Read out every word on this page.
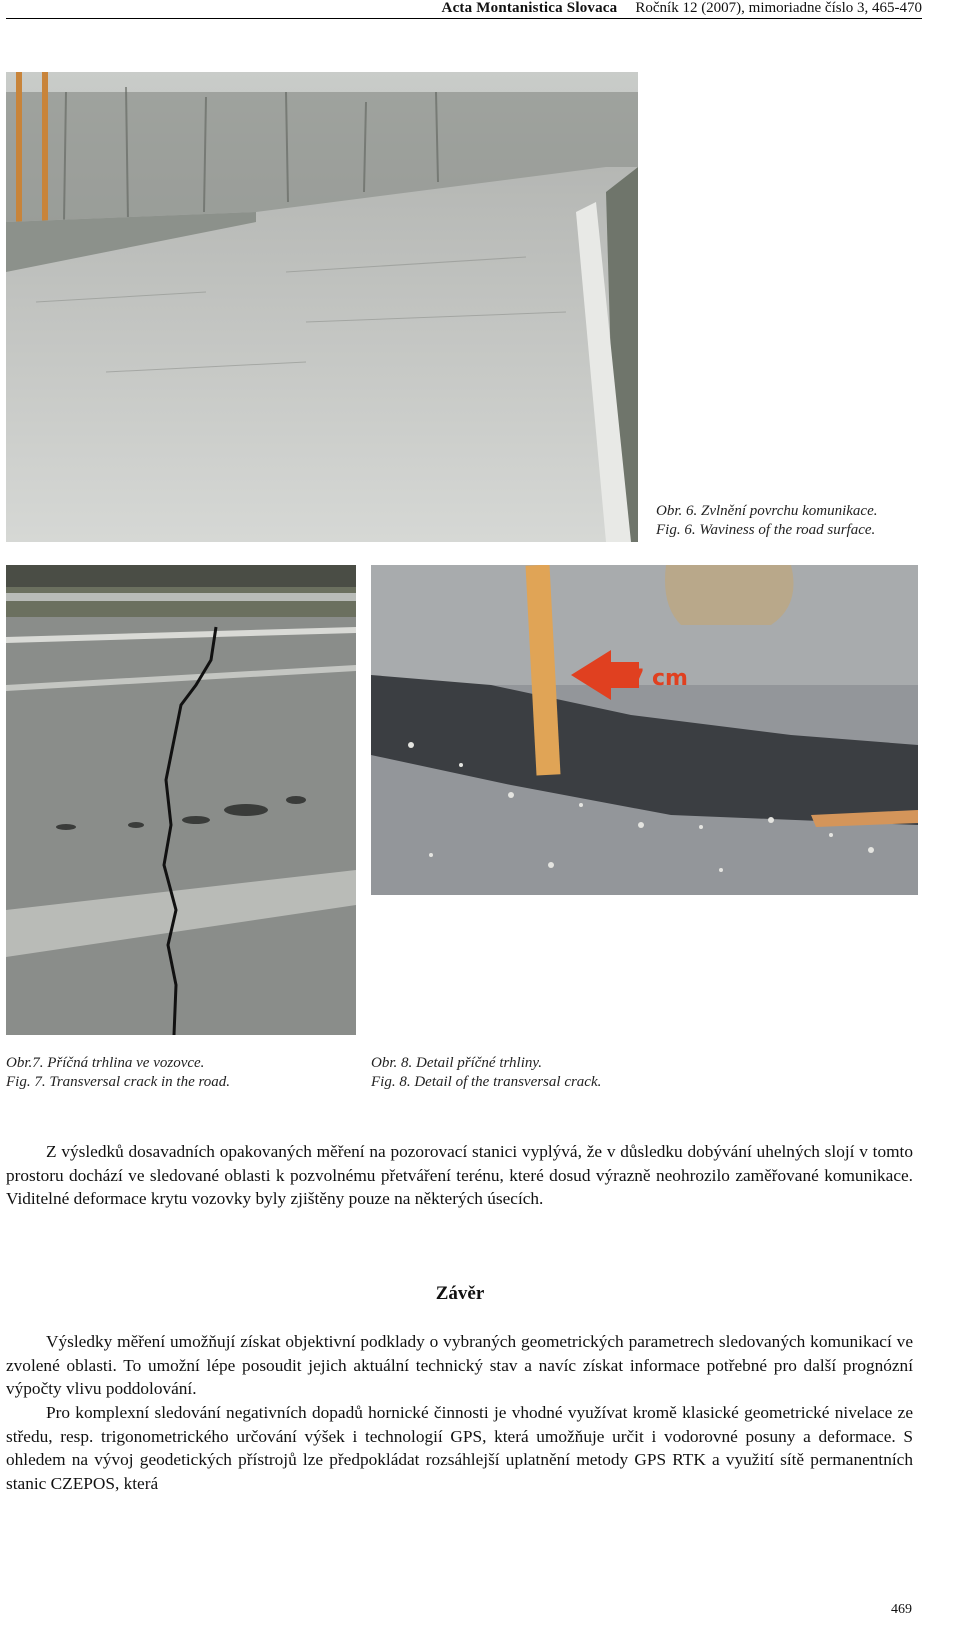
Acta Montanistica Slovaca Ročník 12 (2007), mimoriadne číslo 3, 465-470
Obr. 6. Zvlnění povrchu komunikace.
Fig. 6. Waviness of the road surface.
Obr.7. Příčná trhlina ve vozovce.
Fig. 7. Transversal crack in the road.
7 cm
Obr. 8. Detail příčné trhliny.
Fig. 8. Detail of the transversal crack.

Z výsledků dosavadních opakovaných měření na pozorovací stanici vyplývá, že v důsledku dobývání uhelných slojí v tomto prostoru dochází ve sledované oblasti k pozvolnému přetváření terénu, které dosud výrazně neohrozilo zaměřované komunikace. Viditelné deformace krytu vozovky byly zjištěny pouze na některých úsecích.

Závěr

Výsledky měření umožňují získat objektivní podklady o vybraných geometrických parametrech sledovaných komunikací ve zvolené oblasti. To umožní lépe posoudit jejich aktuální technický stav a navíc získat informace potřebné pro další prognózní výpočty vlivu poddolování.

Pro komplexní sledování negativních dopadů hornické činnosti je vhodné využívat kromě klasické geometrické nivelace ze středu, resp. trigonometrického určování výšek i technologií GPS, která umožňuje určit i vodorovné posuny a deformace. S ohledem na vývoj geodetických přístrojů lze předpokládat rozsáhlejší uplatnění metody GPS RTK a využití sítě permanentních stanic CZEPOS, která

469
